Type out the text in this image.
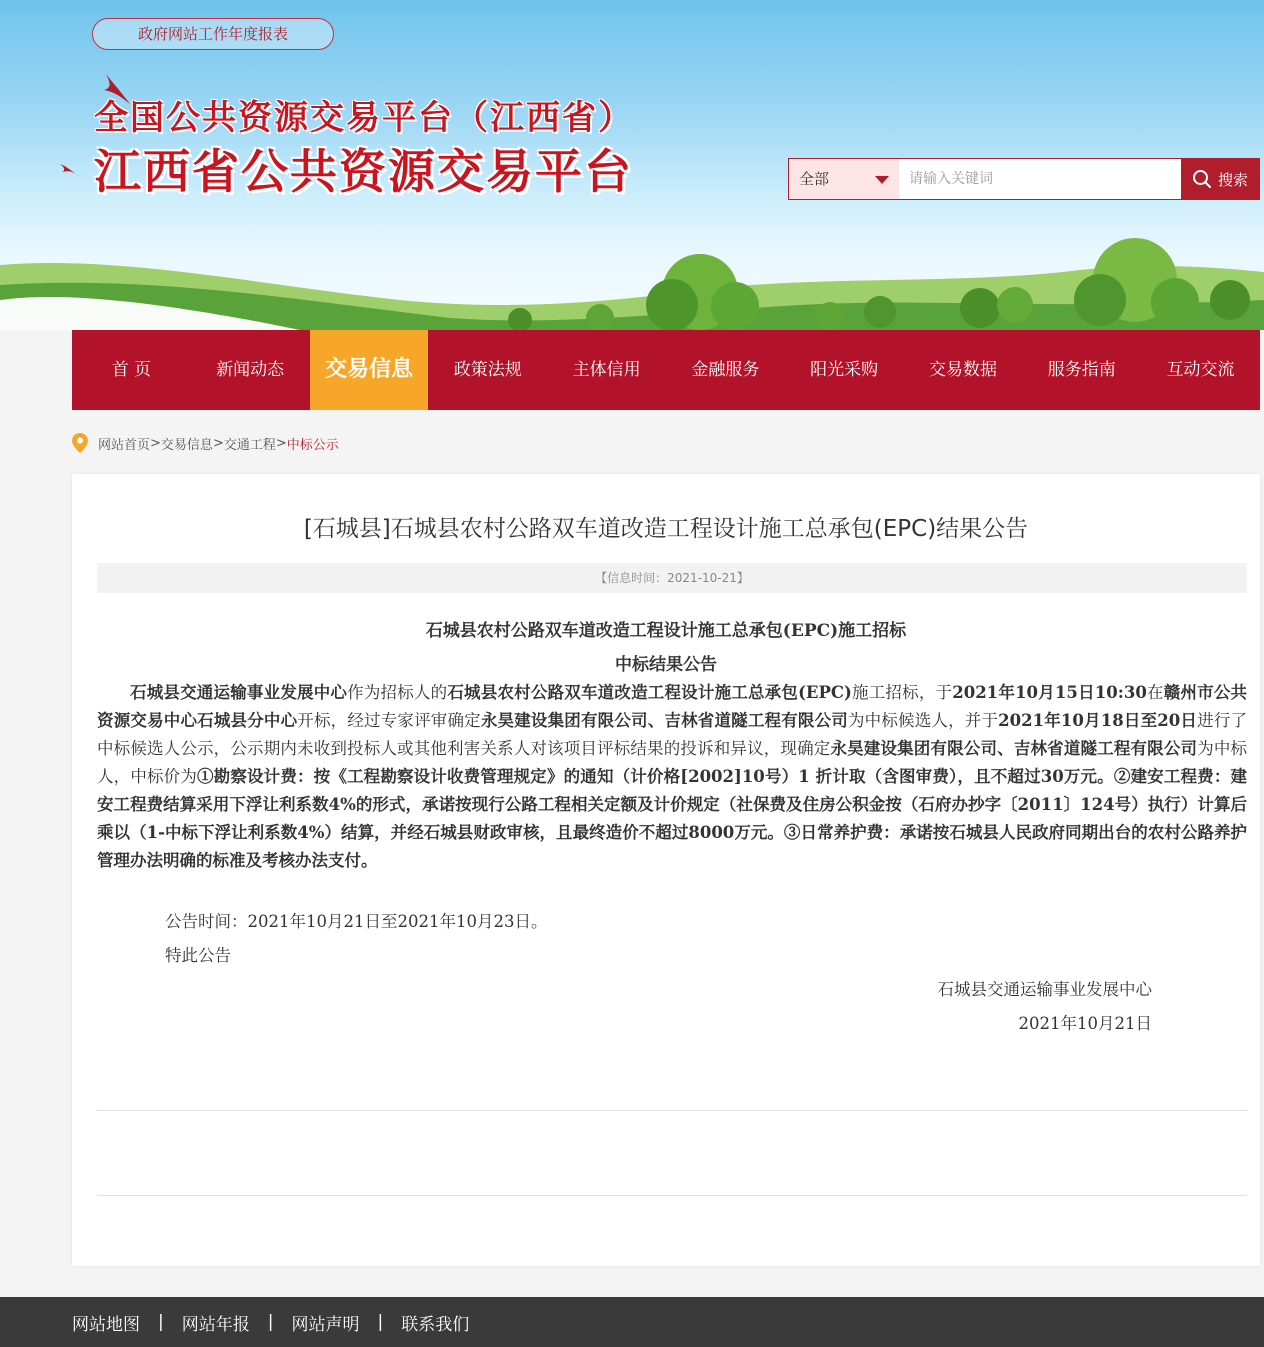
政府网站工作年度报表
全国公共资源交易平台（江西省）
江西省公共资源交易平台	全部
请输入关键词	搜索
首 页	新闻动态	交易信息	政策法规	主体信用	金融服务	阳光采购	交易数据	服务指南	互动交流
网站首页 > 交易信息 > 交通工程 > 中标公示
[石城县]石城县农村公路双车道改造工程设计施工总承包(EPC)结果公告
【信息时间：2021-10-21】
石城县农村公路双车道改造工程设计施工总承包(EPC)施工招标
中标结果公告
石城县交通运输事业发展中心作为招标人的石城县农村公路双车道改造工程设计施工总承包(EPC)施工招标，于2021年10月15日10:30在赣州市公共资源交易中心石城县分中心开标，经过专家评审确定永昊建设集团有限公司、吉林省道隧工程有限公司为中标候选人，并于2021年10月18日至20日进行了中标候选人公示，公示期内未收到投标人或其他利害关系人对该项目评标结果的投诉和异议，现确定永昊建设集团有限公司、吉林省道隧工程有限公司为中标人，中标价为①勘察设计费：按《工程勘察设计收费管理规定》的通知（计价格[2002]10号）1 折计取（含图审费），且不超过30万元。②建安工程费：建安工程费结算采用下浮让利系数4%的形式，承诺按现行公路工程相关定额及计价规定（社保费及住房公积金按（石府办抄字〔2011〕124号）执行）计算后乘以（1-中标下浮让利系数4%）结算，并经石城县财政审核，且最终造价不超过8000万元。③日常养护费：承诺按石城县人民政府同期出台的农村公路养护管理办法明确的标准及考核办法支付。
公告时间：2021年10月21日至2021年10月23日。
特此公告
石城县交通运输事业发展中心
2021年10月21日
网站地图 | 网站年报 | 网站声明 | 联系我们
